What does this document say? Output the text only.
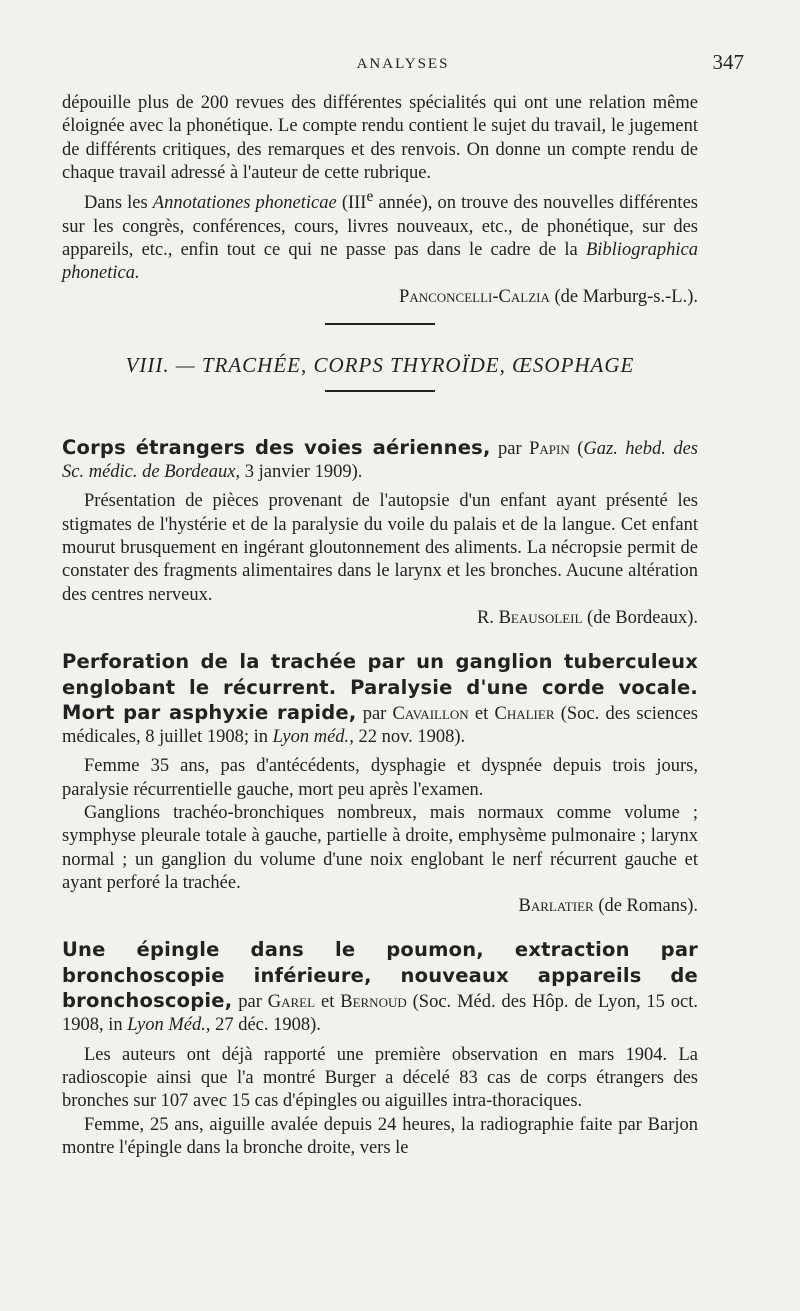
ANALYSES	347

dépouille plus de 200 revues des différentes spécialités qui ont une relation même éloignée avec la phonétique. Le compte rendu contient le sujet du travail, le jugement de différents critiques, des remarques et des renvois. On donne un compte rendu de chaque travail adressé à l'auteur de cette rubrique.

Dans les Annotationes phoneticae (IIIe année), on trouve des nouvelles différentes sur les congrès, conférences, cours, livres nouveaux, etc., de phonétique, sur des appareils, etc., enfin tout ce qui ne passe pas dans le cadre de la Bibliographica phonetica.
Panconcelli-Calzia (de Marburg-s.-L.).

VIII. — TRACHÉE, CORPS THYROÏDE, ŒSOPHAGE
Corps étrangers des voies aériennes, par Papin (Gaz. hebd. des Sc. médic. de Bordeaux, 3 janvier 1909).

Présentation de pièces provenant de l'autopsie d'un enfant ayant présenté les stigmates de l'hystérie et de la paralysie du voile du palais et de la langue. Cet enfant mourut brusquement en ingérant gloutonnement des aliments. La nécropsie permit de constater des fragments alimentaires dans le larynx et les bronches. Aucune altération des centres nerveux.
R. Beausoleil (de Bordeaux).

Perforation de la trachée par un ganglion tuberculeux englobant le récurrent. Paralysie d'une corde vocale. Mort par asphyxie rapide, par Cavaillon et Chalier (Soc. des sciences médicales, 8 juillet 1908; in Lyon méd., 22 nov. 1908).

Femme 35 ans, pas d'antécédents, dysphagie et dyspnée depuis trois jours, paralysie récurrentielle gauche, mort peu après l'examen.

Ganglions trachéo-bronchiques nombreux, mais normaux comme volume ; symphyse pleurale totale à gauche, partielle à droite, emphysème pulmonaire ; larynx normal ; un ganglion du volume d'une noix englobant le nerf récurrent gauche et ayant perforé la trachée.
Barlatier (de Romans).

Une épingle dans le poumon, extraction par bronchoscopie inférieure, nouveaux appareils de bronchoscopie, par Garel et Bernoud (Soc. Méd. des Hôp. de Lyon, 15 oct. 1908, in Lyon Méd., 27 déc. 1908).

Les auteurs ont déjà rapporté une première observation en mars 1904. La radioscopie ainsi que l'a montré Burger a décelé 83 cas de corps étrangers des bronches sur 107 avec 15 cas d'épingles ou aiguilles intra-thoraciques.

Femme, 25 ans, aiguille avalée depuis 24 heures, la radiographie faite par Barjon montre l'épingle dans la bronche droite, vers le
